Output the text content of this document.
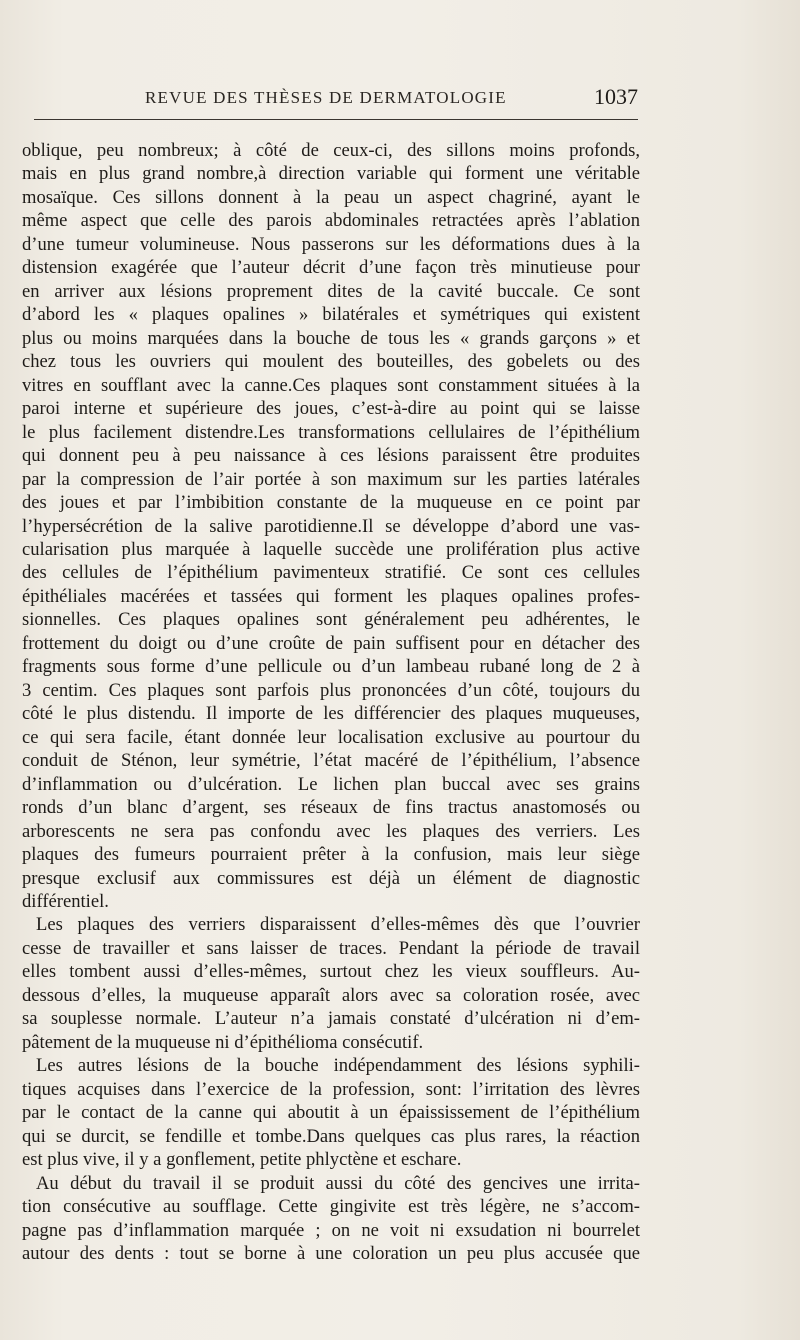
REVUE DES THÈSES DE DERMATOLOGIE	1037
oblique, peu nombreux; à côté de ceux-ci, des sillons moins profonds,
mais en plus grand nombre,à direction variable qui forment une véritable
mosaïque. Ces sillons donnent à la peau un aspect chagriné, ayant le
même aspect que celle des parois abdominales retractées après l’ablation
d’une tumeur volumineuse. Nous passerons sur les déformations dues à la
distension exagérée que l’auteur décrit d’une façon très minutieuse pour
en arriver aux lésions proprement dites de la cavité buccale. Ce sont
d’abord les « plaques opalines » bilatérales et symétriques qui existent
plus ou moins marquées dans la bouche de tous les « grands garçons » et
chez tous les ouvriers qui moulent des bouteilles, des gobelets ou des
vitres en soufflant avec la canne.Ces plaques sont constamment situées à la
paroi interne et supérieure des joues, c’est-à-dire au point qui se laisse
le plus facilement distendre.Les transformations cellulaires de l’épithélium
qui donnent peu à peu naissance à ces lésions paraissent être produites
par la compression de l’air portée à son maximum sur les parties latérales
des joues et par l’imbibition constante de la muqueuse en ce point par
l’hypersécrétion de la salive parotidienne.Il se développe d’abord une vas-
cularisation plus marquée à laquelle succède une prolifération plus active
des cellules de l’épithélium pavimenteux stratifié. Ce sont ces cellules
épithéliales macérées et tassées qui forment les plaques opalines profes-
sionnelles. Ces plaques opalines sont généralement peu adhérentes, le
frottement du doigt ou d’une croûte de pain suffisent pour en détacher des
fragments sous forme d’une pellicule ou d’un lambeau rubané long de 2 à
3 centim. Ces plaques sont parfois plus prononcées d’un côté, toujours du
côté le plus distendu. Il importe de les différencier des plaques muqueuses,
ce qui sera facile, étant donnée leur localisation exclusive au pourtour du
conduit de Sténon, leur symétrie, l’état macéré de l’épithélium, l’absence
d’inflammation ou d’ulcération. Le lichen plan buccal avec ses grains
ronds d’un blanc d’argent, ses réseaux de fins tractus anastomosés ou
arborescents ne sera pas confondu avec les plaques des verriers. Les
plaques des fumeurs pourraient prêter à la confusion, mais leur siège
presque exclusif aux commissures est déjà un élément de diagnostic
différentiel.
Les plaques des verriers disparaissent d’elles-mêmes dès que l’ouvrier
cesse de travailler et sans laisser de traces. Pendant la période de travail
elles tombent aussi d’elles-mêmes, surtout chez les vieux souffleurs. Au-
dessous d’elles, la muqueuse apparaît alors avec sa coloration rosée, avec
sa souplesse normale. L’auteur n’a jamais constaté d’ulcération ni d’em-
pâtement de la muqueuse ni d’épithélioma consécutif.
Les autres lésions de la bouche indépendamment des lésions syphili-
tiques acquises dans l’exercice de la profession, sont: l’irritation des lèvres
par le contact de la canne qui aboutit à un épaississement de l’épithélium
qui se durcit, se fendille et tombe.Dans quelques cas plus rares, la réaction
est plus vive, il y a gonflement, petite phlyctène et eschare.
Au début du travail il se produit aussi du côté des gencives une irrita-
tion consécutive au soufflage. Cette gingivite est très légère, ne s’accom-
pagne pas d’inflammation marquée ; on ne voit ni exsudation ni bourrelet
autour des dents : tout se borne à une coloration un peu plus accusée que
